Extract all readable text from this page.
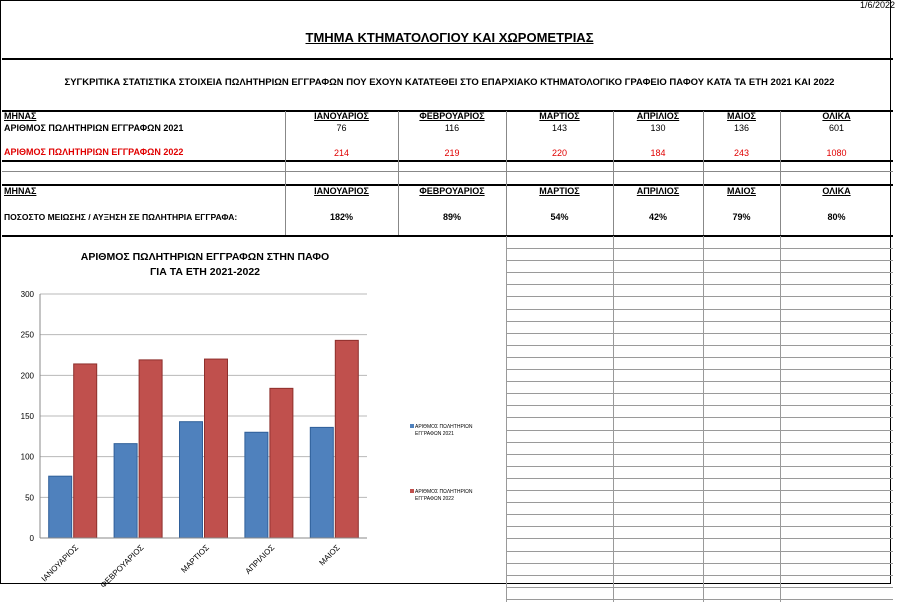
1/6/2022
ΤΜΗΜΑ ΚΤΗΜΑΤΟΛΟΓΙΟΥ ΚΑΙ ΧΩΡΟΜΕΤΡΙΑΣ
ΣΥΓΚΡΙΤΙΚΑ ΣΤΑΤΙΣΤΙΚΑ ΣΤΟΙΧΕΙΑ ΠΩΛΗΤΗΡΙΩΝ ΕΓΓΡΑΦΩΝ ΠΟΥ ΕΧΟΥΝ ΚΑΤΑΤΕΘΕΙ ΣΤΟ ΕΠΑΡΧΙΑΚΟ ΚΤΗΜΑΤΟΛΟΓΙΚΟ ΓΡΑΦΕΙΟ ΠΑΦΟΥ ΚΑΤΑ ΤΑ ΕΤΗ 2021 ΚΑΙ 2022
ΜΗΝΑΣ	ΙΑΝΟΥΑΡΙΟΣ	ΦΕΒΡΟΥΑΡΙΟΣ	ΜΑΡΤΙΟΣ	ΑΠΡΙΛΙΟΣ	ΜΑΙΟΣ	ΟΛΙΚΑ
ΑΡΙΘΜΟΣ ΠΩΛΗΤΗΡΙΩΝ ΕΓΓΡΑΦΩΝ 2021	76	116	143	130	136	601
ΑΡΙΘΜΟΣ ΠΩΛΗΤΗΡΙΩΝ ΕΓΓΡΑΦΩΝ 2022	214	219	220	184	243	1080
ΜΗΝΑΣ	ΙΑΝΟΥΑΡΙΟΣ	ΦΕΒΡΟΥΑΡΙΟΣ	ΜΑΡΤΙΟΣ	ΑΠΡΙΛΙΟΣ	ΜΑΙΟΣ	ΟΛΙΚΑ
ΠΟΣΟΣΤΟ ΜΕΙΩΣΗΣ / ΑΥΞΗΣΗ ΣΕ ΠΩΛΗΤΗΡΙΑ ΕΓΓΡΑΦΑ:	182%	89%	54%	42%	79%	80%
ΑΡΙΘΜΟΣ ΠΩΛΗΤΗΡΙΩΝ ΕΓΓΡΑΦΩΝ ΣΤΗΝ ΠΑΦΟ
ΓΙΑ ΤΑ ΕΤΗ 2021-2022
0
50
100
150
200
250
300
ΙΑΝΟΥΑΡΙΟΣ ΦΕΒΡΟΥΑΡΙΟΣ	ΜΑΡΤΙΟΣ	ΑΠΡΙΛΙΟΣ	ΜΑΙΟΣ
ΑΡΙΘΜΟΣ ΠΩΛΗΤΗΡΙΩΝ
ΕΓΓΡΑΦΩΝ 2021
ΑΡΙΘΜΟΣ ΠΩΛΗΤΗΡΙΩΝ
ΕΓΓΡΑΦΩΝ 2022
